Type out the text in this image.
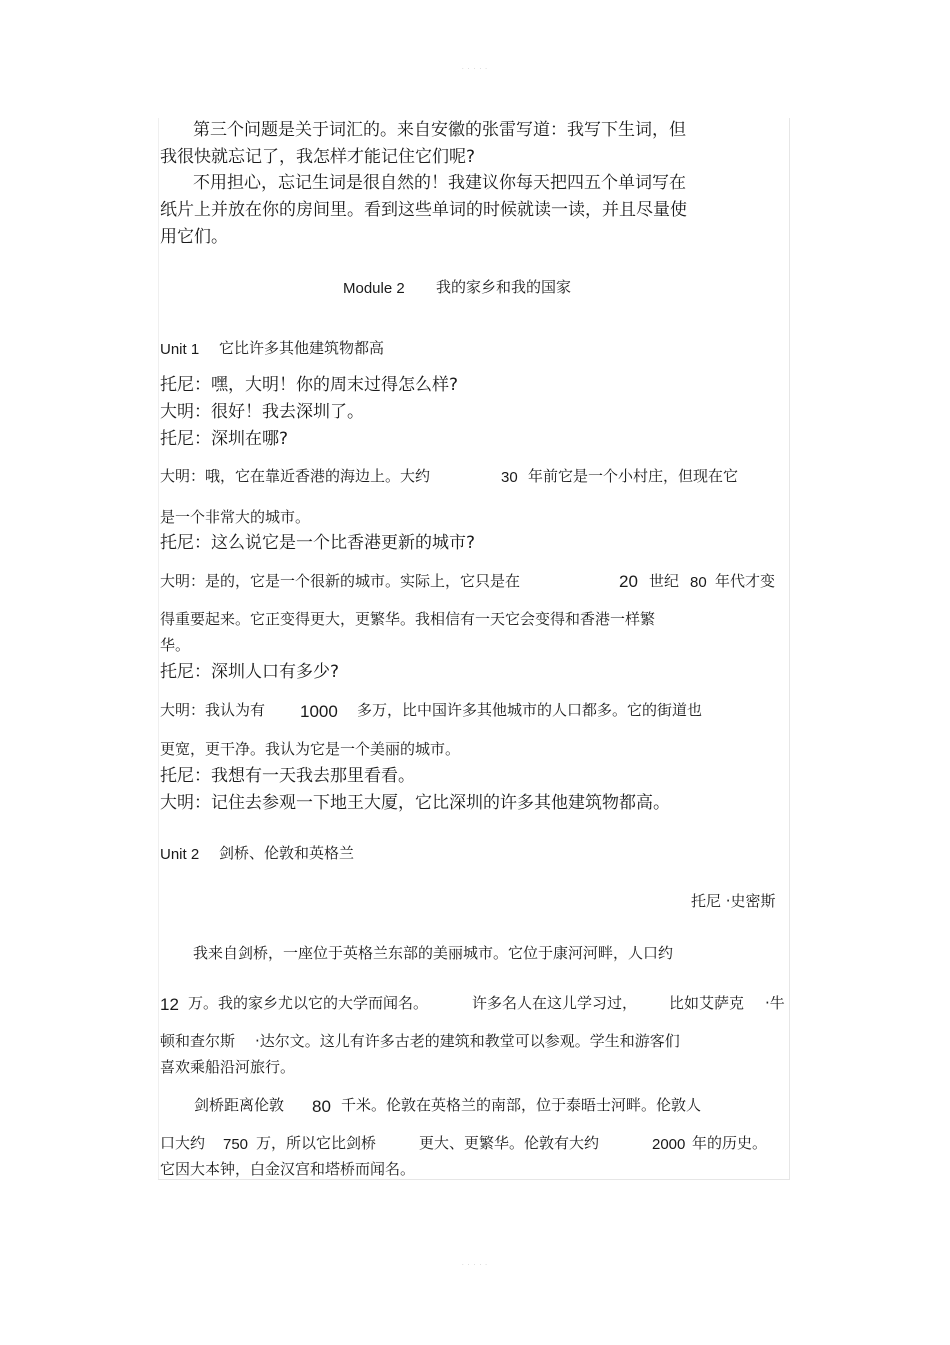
· · · · ·
第三个问题是关于词汇的。来自安徽的张雷写道：我写下生词，但
我很快就忘记了，我怎样才能记住它们呢?
不用担心，忘记生词是很自然的！我建议你每天把四五个单词写在
纸片上并放在你的房间里。看到这些单词的时候就读一读，并且尽量使
用它们。
Module 2 我的家乡和我的国家
Unit 1 它比许多其他建筑物都高
托尼：嘿，大明！你的周末过得怎么样?
大明：很好！我去深圳了。
托尼：深圳在哪?
大明：哦，它在靠近香港的海边上。大约	30 年前它是一个小村庄，但现在它
是一个非常大的城市。
托尼：这么说它是一个比香港更新的城市?
大明：是的，它是一个很新的城市。实际上，它只是在	20 世纪 80 年代才变
得重要起来。它正变得更大，更繁华。我相信有一天它会变得和香港一样繁
华。
托尼：深圳人口有多少?
大明：我认为有 1000 多万，比中国许多其他城市的人口都多。它的街道也
更宽，更干净。我认为它是一个美丽的城市。
托尼：我想有一天我去那里看看。
大明：记住去参观一下地王大厦，它比深圳的许多其他建筑物都高。
Unit 2 剑桥、伦敦和英格兰
托尼 ·史密斯
我来自剑桥，一座位于英格兰东部的美丽城市。它位于康河河畔，人口约
12 万。我的家乡尤以它的大学而闻名。	许多名人在这儿学习过， 比如艾萨克 ·牛
顿和查尔斯 ·达尔文。这儿有许多古老的建筑和教堂可以参观。学生和游客们
喜欢乘船沿河旅行。
剑桥距离伦敦 80 千米。伦敦在英格兰的南部，位于泰晤士河畔。伦敦人
口大约 750 万，所以它比剑桥	更大、更繁华。伦敦有大约	2000 年的历史。
它因大本钟，白金汉宫和塔桥而闻名。
· · · · ·
